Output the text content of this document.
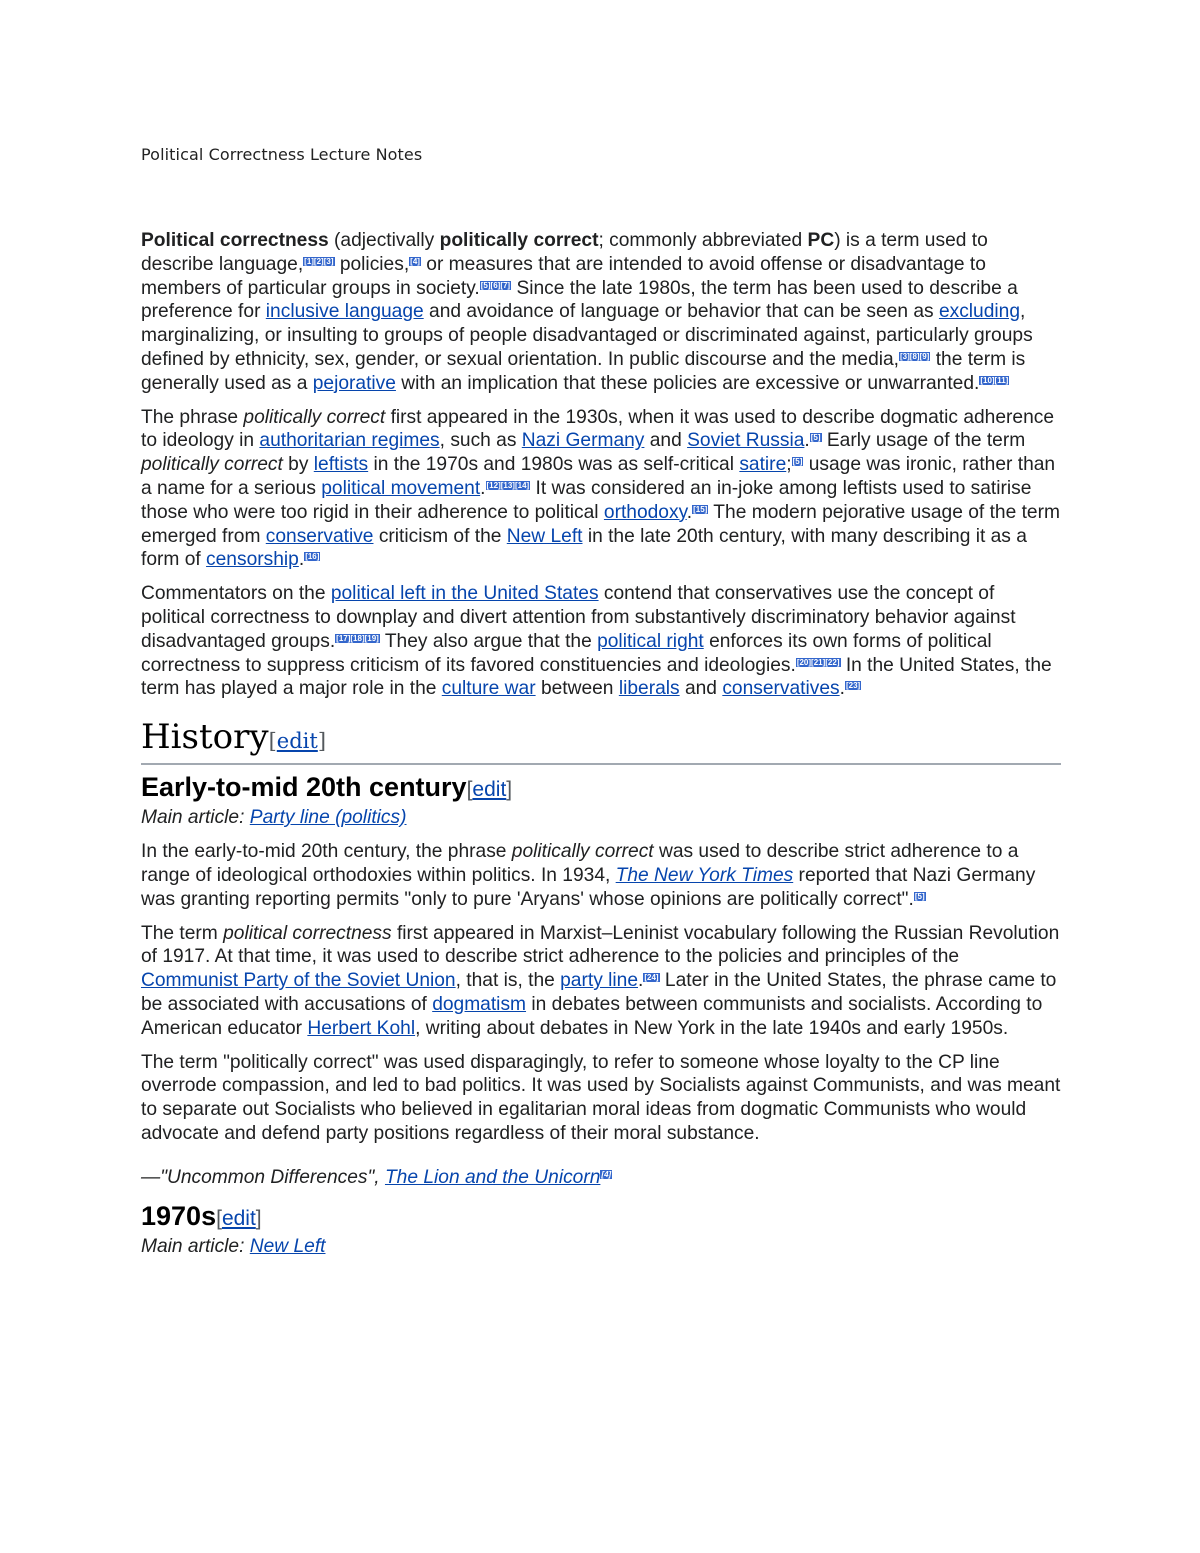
Political Correctness Lecture Notes

Political correctness (adjectivally politically correct; commonly abbreviated PC) is a term used to describe language,[1][2][3] policies,[4] or measures that are intended to avoid offense or disadvantage to members of particular groups in society.[5][6][7] Since the late 1980s, the term has been used to describe a preference for inclusive language and avoidance of language or behavior that can be seen as excluding, marginalizing, or insulting to groups of people disadvantaged or discriminated against, particularly groups defined by ethnicity, sex, gender, or sexual orientation. In public discourse and the media,[3][8][9] the term is generally used as a pejorative with an implication that these policies are excessive or unwarranted.[10][11]

The phrase politically correct first appeared in the 1930s, when it was used to describe dogmatic adherence to ideology in authoritarian regimes, such as Nazi Germany and Soviet Russia.[5] Early usage of the term politically correct by leftists in the 1970s and 1980s was as self-critical satire;[5] usage was ironic, rather than a name for a serious political movement.[12][13][14] It was considered an in-joke among leftists used to satirise those who were too rigid in their adherence to political orthodoxy.[15] The modern pejorative usage of the term emerged from conservative criticism of the New Left in the late 20th century, with many describing it as a form of censorship.[16]

Commentators on the political left in the United States contend that conservatives use the concept of political correctness to downplay and divert attention from substantively discriminatory behavior against disadvantaged groups.[17][18][19] They also argue that the political right enforces its own forms of political correctness to suppress criticism of its favored constituencies and ideologies.[20][21][22] In the United States, the term has played a major role in the culture war between liberals and conservatives.[23]

History[edit]
Early-to-mid 20th century[edit]
Main article: Party line (politics)

In the early-to-mid 20th century, the phrase politically correct was used to describe strict adherence to a range of ideological orthodoxies within politics. In 1934, The New York Times reported that Nazi Germany was granting reporting permits "only to pure 'Aryans' whose opinions are politically correct".[5]

The term political correctness first appeared in Marxist–Leninist vocabulary following the Russian Revolution of 1917. At that time, it was used to describe strict adherence to the policies and principles of the Communist Party of the Soviet Union, that is, the party line.[24] Later in the United States, the phrase came to be associated with accusations of dogmatism in debates between communists and socialists. According to American educator Herbert Kohl, writing about debates in New York in the late 1940s and early 1950s.

The term "politically correct" was used disparagingly, to refer to someone whose loyalty to the CP line overrode compassion, and led to bad politics. It was used by Socialists against Communists, and was meant to separate out Socialists who believed in egalitarian moral ideas from dogmatic Communists who would advocate and defend party positions regardless of their moral substance.

—"Uncommon Differences", The Lion and the Unicorn[4]

1970s[edit]
Main article: New Left
